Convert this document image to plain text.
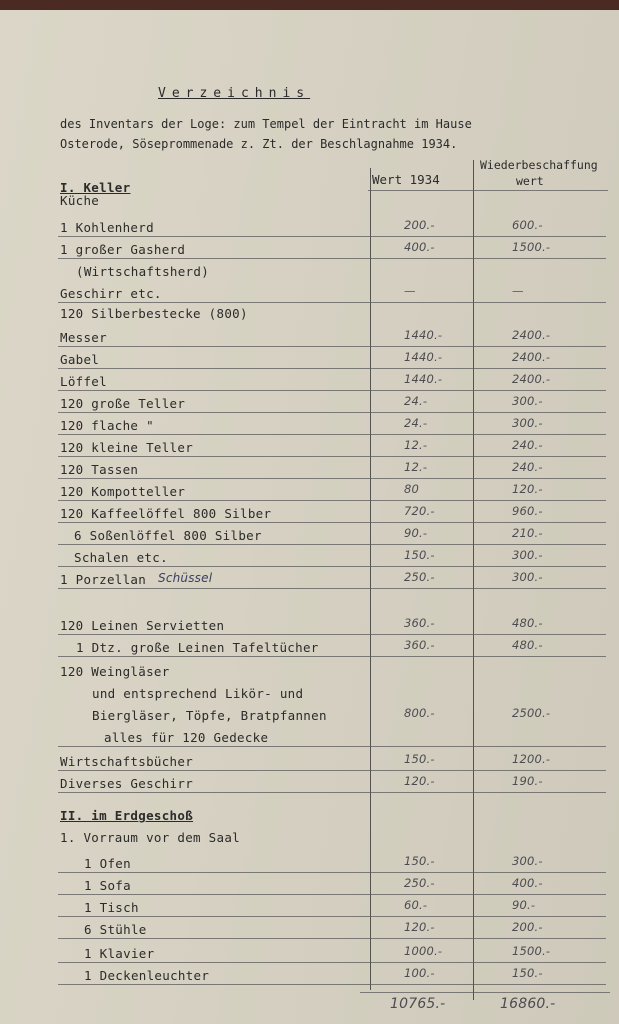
Verzeichnis
des Inventars der Loge: zum Tempel der Eintracht im Hause
Osterode, Söseprommenade z. Zt. der Beschlagnahme 1934.
Wert 1934
Wiederbeschaffung
wert
I. Keller
Küche
1 Kohlenherd	200.-	600.-
1 großer Gasherd	400.-	1500.-
(Wirtschaftsherd)
Geschirr etc.	—	—
120 Silberbestecke (800)
Messer	1440.-	2400.-
Gabel	1440.-	2400.-
Löffel	1440.-	2400.-
120 große Teller	24.-	300.-
120 flache "	24.-	300.-
120 kleine Teller	12.-	240.-
120 Tassen	12.-	240.-
120 Kompotteller	80	120.-
120 Kaffeelöffel 800 Silber	720.-	960.-
6 Soßenlöffel 800 Silber	90.-	210.-
Schalen etc.	150.-	300.-
1 Porzellan	250.-	300.-
120 Leinen Servietten	360.-	480.-
1 Dtz. große Leinen Tafeltücher	360.-	480.-
120 Weingläser
und entsprechend Likör- und
Biergläser, Töpfe, Bratpfannen	800.-	2500.-
alles für 120 Gedecke
Wirtschaftsbücher	150.-	1200.-
Diverses Geschirr	120.-	190.-
II. im Erdgeschoß
1. Vorraum vor dem Saal
1 Ofen	150.-	300.-
1 Sofa	250.-	400.-
1 Tisch	60.-	90.-
6 Stühle	120.-	200.-
1 Klavier	1000.-	1500.-
1 Deckenleuchter	100.-	150.-
Schüssel
10765.-	16860.-
